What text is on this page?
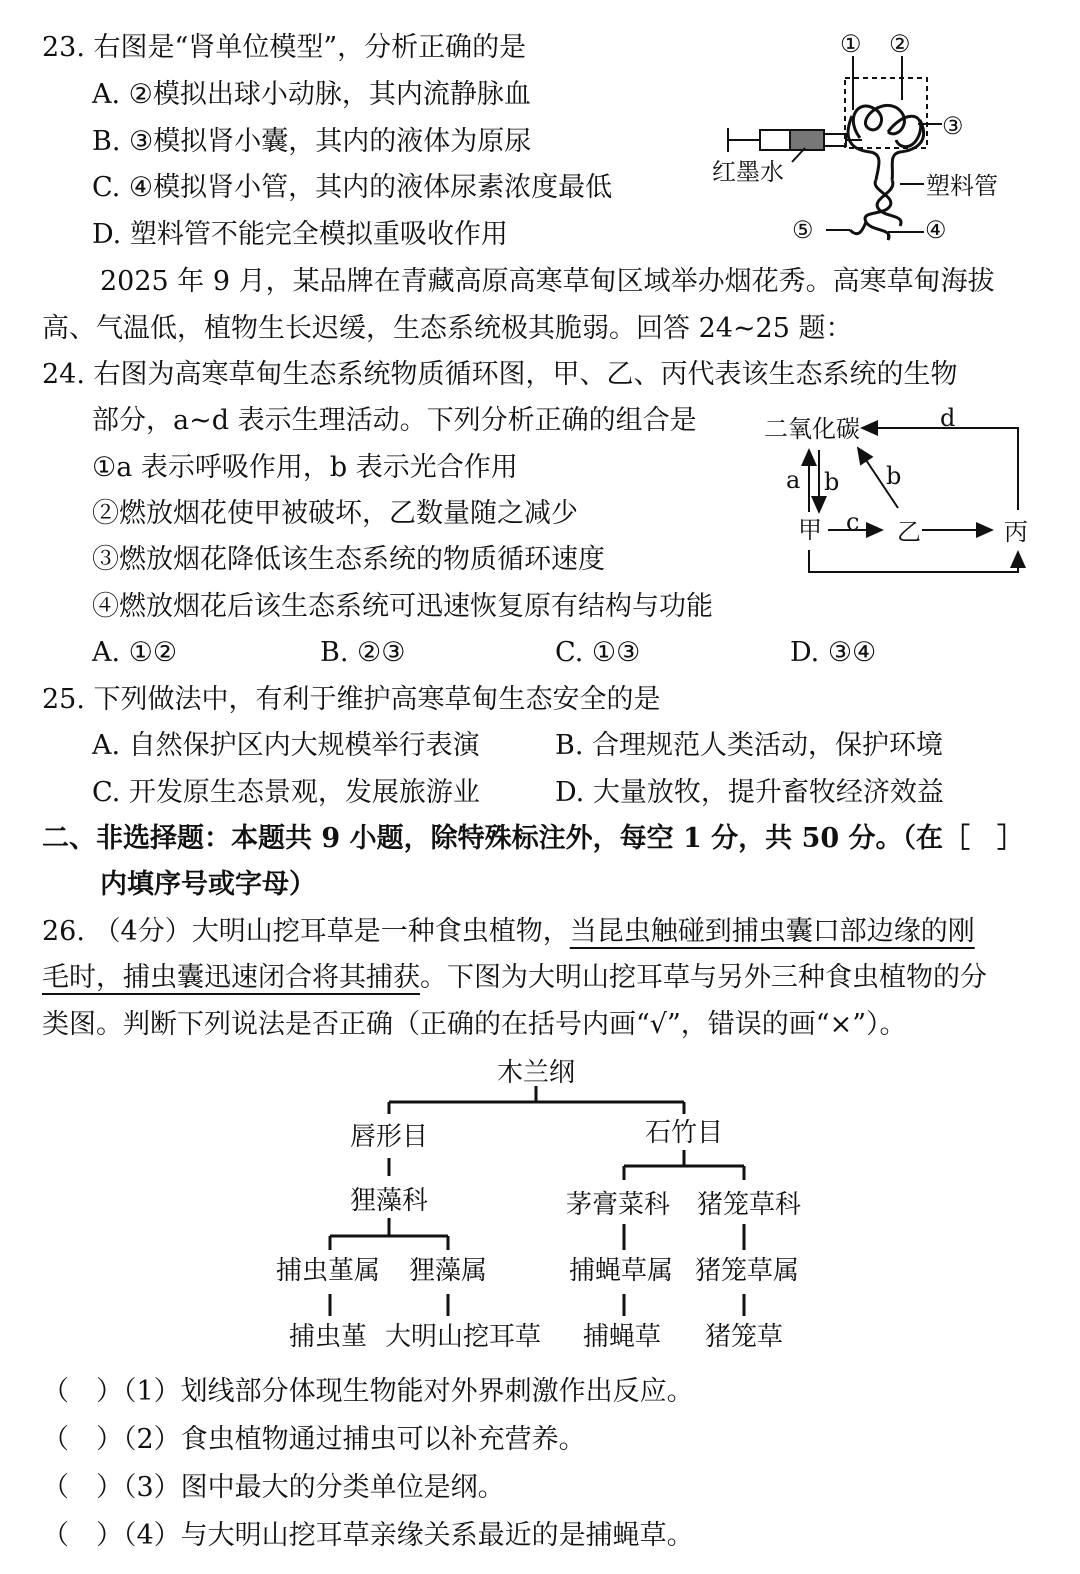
23. 右图是“肾单位模型”，分析正确的是
A. ②模拟出球小动脉，其内流静脉血
B. ③模拟肾小囊，其内的液体为原尿
C. ④模拟肾小管，其内的液体尿素浓度最低
D. 塑料管不能完全模拟重吸收作用
① ②
③
红墨水	塑料管
⑤	④
2025 年 9 月，某品牌在青藏高原高寒草甸区域举办烟花秀。高寒草甸海拔
高、气温低，植物生长迟缓，生态系统极其脆弱。回答 24~25 题：
24. 右图为高寒草甸生态系统物质循环图，甲、乙、丙代表该生态系统的生物
部分，a~d 表示生理活动。下列分析正确的组合是
①a 表示呼吸作用，b 表示光合作用
②燃放烟花使甲被破坏，乙数量随之减少
③燃放烟花降低该生态系统的物质循环速度
④燃放烟花后该生态系统可迅速恢复原有结构与功能
A. ①②	B. ②③	C. ①③	D. ③④
二氧化碳	d
a b b
甲 c 乙	丙
25. 下列做法中，有利于维护高寒草甸生态安全的是
A. 自然保护区内大规模举行表演	B. 合理规范人类活动，保护环境
C. 开发原生态景观，发展旅游业	D. 大量放牧，提升畜牧经济效益
二、非选择题：本题共 9 小题，除特殊标注外，每空 1 分，共 50 分。（在［　］
内填序号或字母）
26. （4分）大明山挖耳草是一种食虫植物，当昆虫触碰到捕虫囊口部边缘的刚
毛时，捕虫囊迅速闭合将其捕获。下图为大明山挖耳草与另外三种食虫植物的分
类图。判断下列说法是否正确（正确的在括号内画“√”，错误的画“×”）。
木兰纲
唇形目	石竹目
狸藻科	茅膏菜科 猪笼草科
捕虫堇属 狸藻属	捕蝇草属 猪笼草属
捕虫堇 大明山挖耳草 捕蝇草 猪笼草
（　）（1）划线部分体现生物能对外界刺激作出反应。
（　）（2）食虫植物通过捕虫可以补充营养。
（　）（3）图中最大的分类单位是纲。
（　）（4）与大明山挖耳草亲缘关系最近的是捕蝇草。
